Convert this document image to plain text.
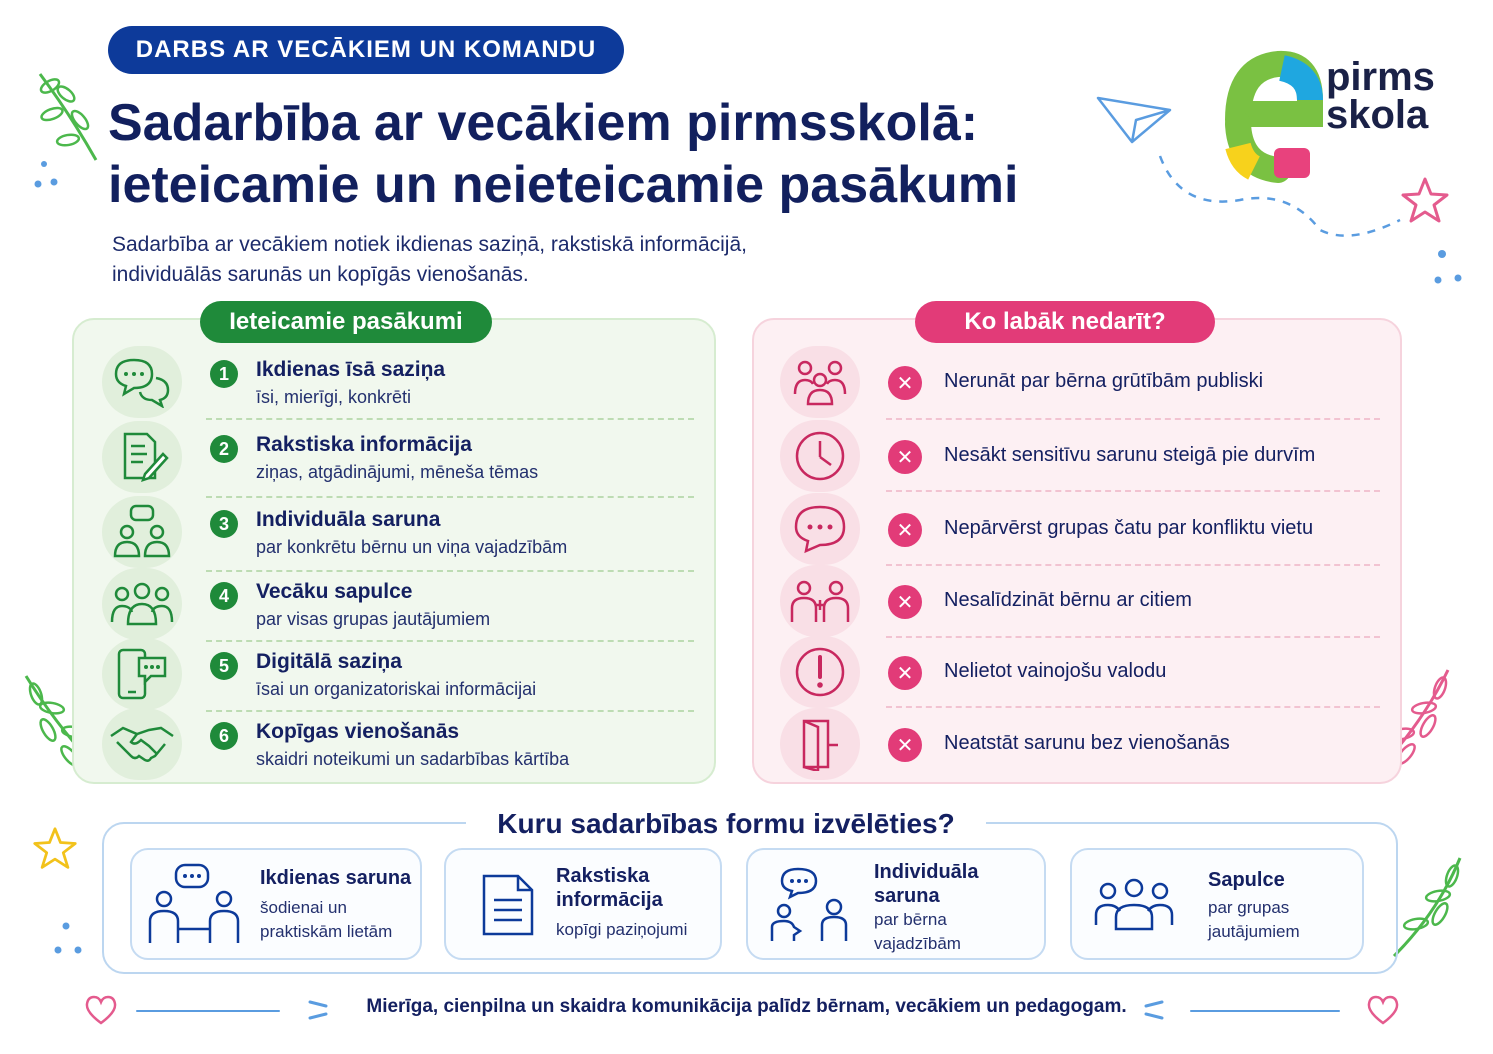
DARBS AR VECĀKIEM UN KOMANDU
Sadarbība ar vecākiem pirmsskolā:
ieteicamie un neieteicamie pasākumi
Sadarbība ar vecākiem notiek ikdienas saziņā, rakstiskā informācijā,
individuālās sarunās un kopīgās vienošanās.
pirms
skola
1	Ikdienas īsā saziņa
īsi, mierīgi, konkrēti
2	Rakstiska informācija
ziņas, atgādinājumi, mēneša tēmas
3	Individuāla saruna
par konkrētu bērnu un viņa vajadzībām
4	Vecāku sapulce
par visas grupas jautājumiem
5	Digitālā saziņa
īsai un organizatoriskai informācijai
6	Kopīgas vienošanās
skaidri noteikumi un sadarbības kārtība
Ieteicamie pasākumi
✕	Nerunāt par bērna grūtībām publiski
✕	Nesākt sensitīvu sarunu steigā pie durvīm
✕	Nepārvērst grupas čatu par konfliktu vietu
✕	Nesalīdzināt bērnu ar citiem
✕	Nelietot vainojošu valodu
✕	Neatstāt sarunu bez vienošanās
Ko labāk nedarīt?
Kuru sadarbības formu izvēlēties?
Ikdienas saruna
šodienai un
praktiskām lietām
Rakstiska
informācija
kopīgi paziņojumi
Individuāla
saruna
par bērna
vajadzībām
Sapulce
par grupas
jautājumiem
Mierīga, cienpilna un skaidra komunikācija palīdz bērnam, vecākiem un pedagogam.
